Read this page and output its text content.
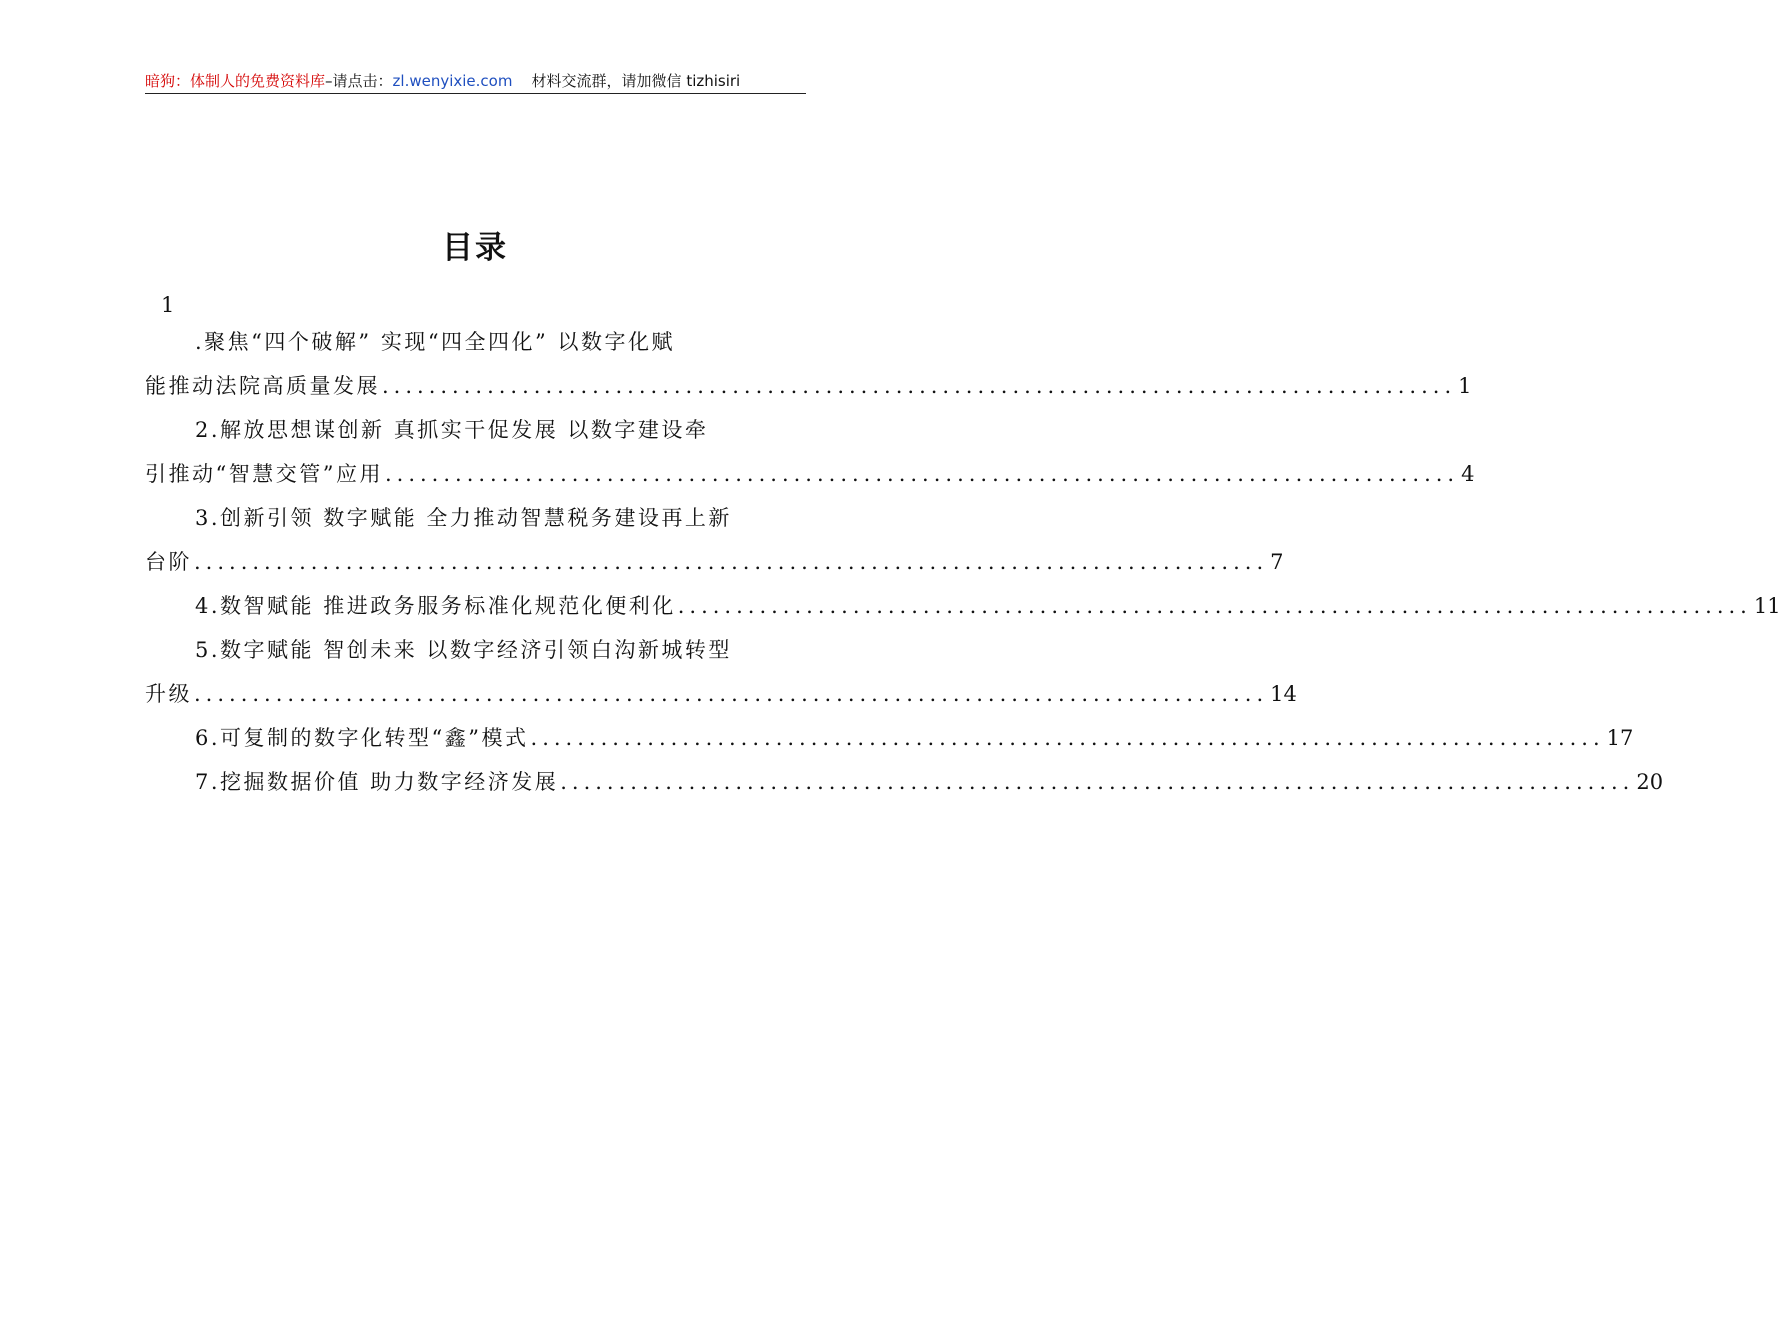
暗狗：体制人的免费资料库–请点击：zl.wenyixie.com 材料交流群，请加微信 tizhisiri
目录
1
.聚焦“四个破解” 实现“四全四化” 以数字化赋
能推动法院高质量发展 ............................................................................................ 1
2.解放思想谋创新 真抓实干促发展 以数字建设牵
引推动“智慧交管”应用 ............................................................................................ 4
3.创新引领 数字赋能 全力推动智慧税务建设再上新
台阶 ............................................................................................ 7
4.数智赋能 推进政务服务标准化规范化便利化 ............................................................................................ 11
5.数字赋能 智创未来 以数字经济引领白沟新城转型
升级 ............................................................................................ 14
6.可复制的数字化转型“鑫”模式 ............................................................................................ 17
7.挖掘数据价值 助力数字经济发展 ............................................................................................ 20
